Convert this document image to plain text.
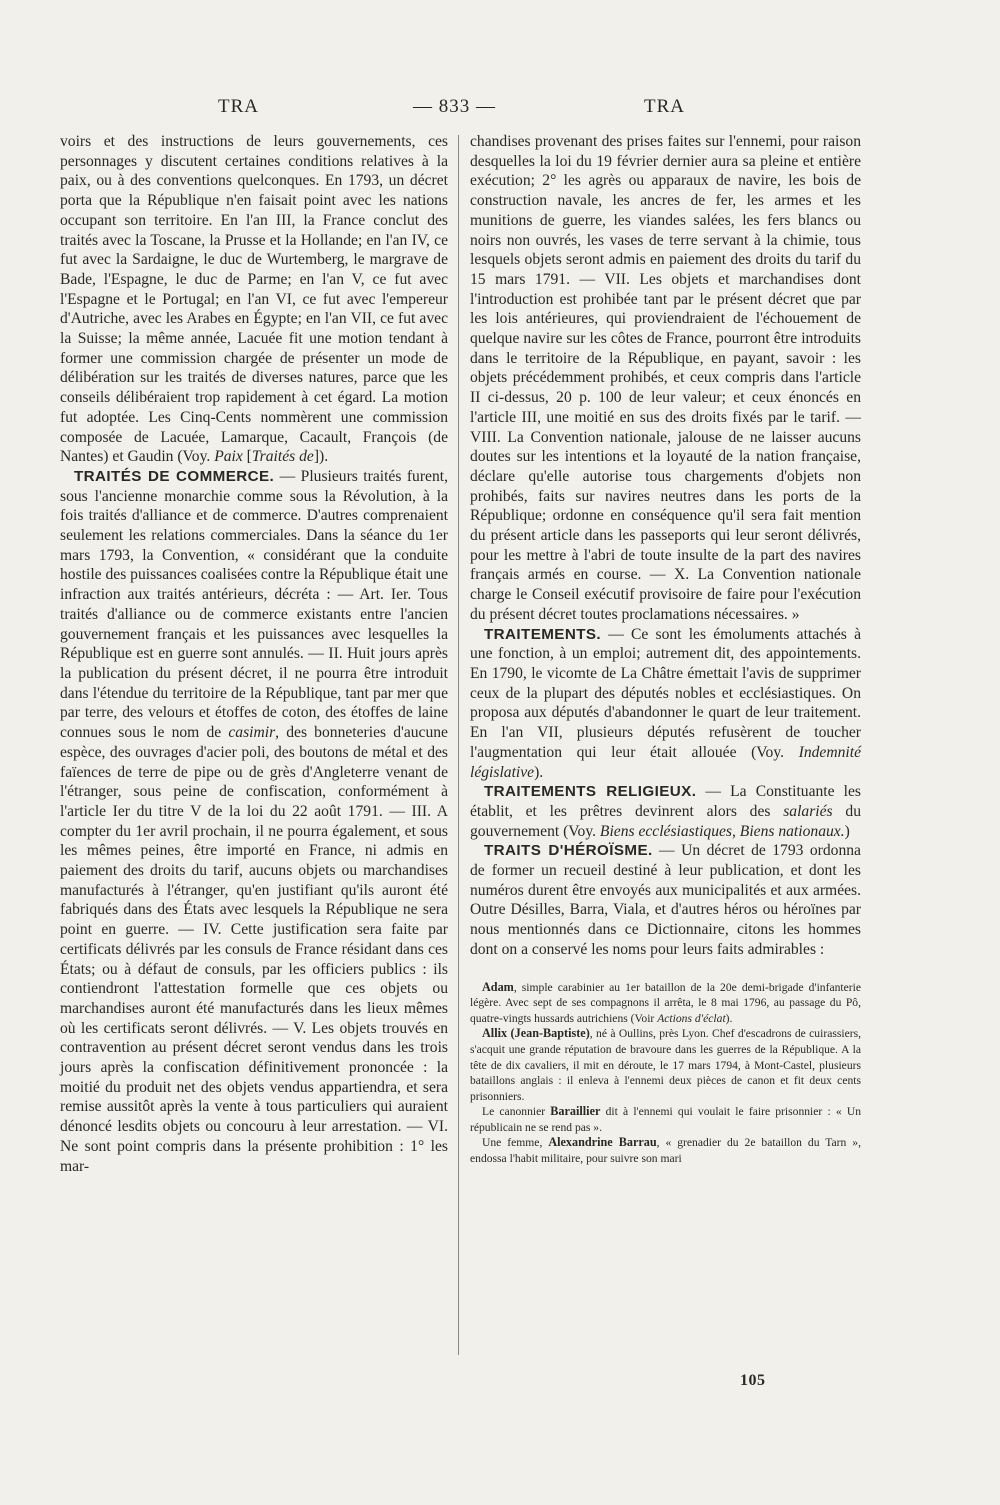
TRA	— 833 —	TRA

voirs et des instructions de leurs gouvernements, ces personnages y discutent certaines conditions relatives à la paix, ou à des conventions quelconques. En 1793, un décret porta que la République n'en faisait point avec les nations occupant son territoire. En l'an III, la France conclut des traités avec la Toscane, la Prusse et la Hollande; en l'an IV, ce fut avec la Sardaigne, le duc de Wurtemberg, le margrave de Bade, l'Espagne, le duc de Parme; en l'an V, ce fut avec l'Espagne et le Portugal; en l'an VI, ce fut avec l'empereur d'Autriche, avec les Arabes en Égypte; en l'an VII, ce fut avec la Suisse; la même année, Lacuée fit une motion tendant à former une commission chargée de présenter un mode de délibération sur les traités de diverses natures, parce que les conseils délibéraient trop rapidement à cet égard. La motion fut adoptée. Les Cinq-Cents nommèrent une commission composée de Lacuée, Lamarque, Cacault, François (de Nantes) et Gaudin (Voy. Paix [Traités de]).

TRAITÉS DE COMMERCE. — Plusieurs traités furent, sous l'ancienne monarchie comme sous la Révolution, à la fois traités d'alliance et de commerce. D'autres comprenaient seulement les relations commerciales. Dans la séance du 1er mars 1793, la Convention, « considérant que la conduite hostile des puissances coalisées contre la République était une infraction aux traités antérieurs, décréta : — Art. Ier. Tous traités d'alliance ou de commerce existants entre l'ancien gouvernement français et les puissances avec lesquelles la République est en guerre sont annulés. — II. Huit jours après la publication du présent décret, il ne pourra être introduit dans l'étendue du territoire de la République, tant par mer que par terre, des velours et étoffes de coton, des étoffes de laine connues sous le nom de casimir, des bonneteries d'aucune espèce, des ouvrages d'acier poli, des boutons de métal et des faïences de terre de pipe ou de grès d'Angleterre venant de l'étranger, sous peine de confiscation, conformément à l'article Ier du titre V de la loi du 22 août 1791. — III. A compter du 1er avril prochain, il ne pourra également, et sous les mêmes peines, être importé en France, ni admis en paiement des droits du tarif, aucuns objets ou marchandises manufacturés à l'étranger, qu'en justifiant qu'ils auront été fabriqués dans des États avec lesquels la République ne sera point en guerre. — IV. Cette justification sera faite par certificats délivrés par les consuls de France résidant dans ces États; ou à défaut de consuls, par les officiers publics : ils contiendront l'attestation formelle que ces objets ou marchandises auront été manufacturés dans les lieux mêmes où les certificats seront délivrés. — V. Les objets trouvés en contravention au présent décret seront vendus dans les trois jours après la confiscation définitivement prononcée : la moitié du produit net des objets vendus appartiendra, et sera remise aussitôt après la vente à tous particuliers qui auraient dénoncé lesdits objets ou concouru à leur arrestation. — VI. Ne sont point compris dans la présente prohibition : 1° les mar-

chandises provenant des prises faites sur l'ennemi, pour raison desquelles la loi du 19 février dernier aura sa pleine et entière exécution; 2° les agrès ou apparaux de navire, les bois de construction navale, les ancres de fer, les armes et les munitions de guerre, les viandes salées, les fers blancs ou noirs non ouvrés, les vases de terre servant à la chimie, tous lesquels objets seront admis en paiement des droits du tarif du 15 mars 1791. — VII. Les objets et marchandises dont l'introduction est prohibée tant par le présent décret que par les lois antérieures, qui proviendraient de l'échouement de quelque navire sur les côtes de France, pourront être introduits dans le territoire de la République, en payant, savoir : les objets précédemment prohibés, et ceux compris dans l'article II ci-dessus, 20 p. 100 de leur valeur; et ceux énoncés en l'article III, une moitié en sus des droits fixés par le tarif. — VIII. La Convention nationale, jalouse de ne laisser aucuns doutes sur les intentions et la loyauté de la nation française, déclare qu'elle autorise tous chargements d'objets non prohibés, faits sur navires neutres dans les ports de la République; ordonne en conséquence qu'il sera fait mention du présent article dans les passeports qui leur seront délivrés, pour les mettre à l'abri de toute insulte de la part des navires français armés en course. — X. La Convention nationale charge le Conseil exécutif provisoire de faire pour l'exécution du présent décret toutes proclamations nécessaires. »

TRAITEMENTS. — Ce sont les émoluments attachés à une fonction, à un emploi; autrement dit, des appointements. En 1790, le vicomte de La Châtre émettait l'avis de supprimer ceux de la plupart des députés nobles et ecclésiastiques. On proposa aux députés d'abandonner le quart de leur traitement. En l'an VII, plusieurs députés refusèrent de toucher l'augmentation qui leur était allouée (Voy. Indemnité législative).

TRAITEMENTS RELIGIEUX. — La Constituante les établit, et les prêtres devinrent alors des salariés du gouvernement (Voy. Biens ecclésiastiques, Biens nationaux.)

TRAITS D'HÉROÏSME. — Un décret de 1793 ordonna de former un recueil destiné à leur publication, et dont les numéros durent être envoyés aux municipalités et aux armées. Outre Désilles, Barra, Viala, et d'autres héros ou héroïnes par nous mentionnés dans ce Dictionnaire, citons les hommes dont on a conservé les noms pour leurs faits admirables :

Adam, simple carabinier au 1er bataillon de la 20e demi-brigade d'infanterie légère. Avec sept de ses compagnons il arrêta, le 8 mai 1796, au passage du Pô, quatre-vingts hussards autrichiens (Voir Actions d'éclat).

Allix (Jean-Baptiste), né à Oullins, près Lyon. Chef d'escadrons de cuirassiers, s'acquit une grande réputation de bravoure dans les guerres de la République. A la tête de dix cavaliers, il mit en déroute, le 17 mars 1794, à Mont-Castel, plusieurs bataillons anglais : il enleva à l'ennemi deux pièces de canon et fit deux cents prisonniers.

Le canonnier Baraillier dit à l'ennemi qui voulait le faire prisonnier : « Un républicain ne se rend pas ».

Une femme, Alexandrine Barrau, « grenadier du 2e bataillon du Tarn », endossa l'habit militaire, pour suivre son mari

105
